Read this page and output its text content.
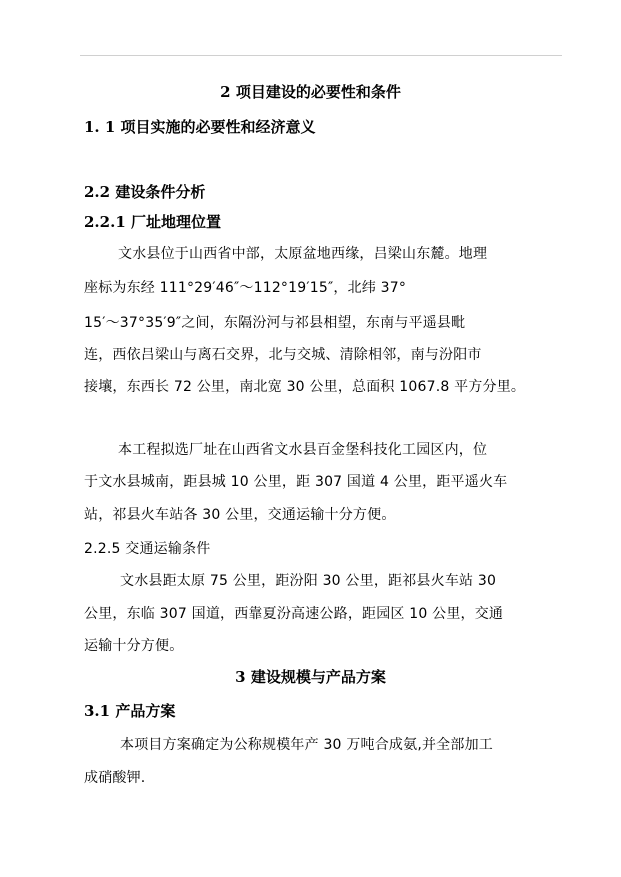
2 项目建设的必要性和条件
1. 1 项目实施的必要性和经济意义
2.2 建设条件分析
2.2.1 厂址地理位置
文水县位于山西省中部，太原盆地西缘，吕梁山东麓。地理
座标为东经 111°29′46″～112°19′15″，北纬 37°
15′～37°35′9″之间，东隔汾河与祁县相望，东南与平遥县毗
连，西依吕梁山与离石交界，北与交城、清除相邻，南与汾阳市
接壤，东西长 72 公里，南北宽 30 公里，总面积 1067.8 平方分里。
本工程拟选厂址在山西省文水县百金堡科技化工园区内，位
于文水县城南，距县城 10 公里，距 307 国道 4 公里，距平遥火车
站，祁县火车站各 30 公里，交通运输十分方便。
2.2.5 交通运输条件
文水县距太原 75 公里，距汾阳 30 公里，距祁县火车站 30
公里，东临 307 国道，西靠夏汾高速公路，距园区 10 公里，交通
运输十分方便。
3 建设规模与产品方案
3.1 产品方案
本项目方案确定为公称规模年产 30 万吨合成氨,并全部加工
成硝酸钾.
